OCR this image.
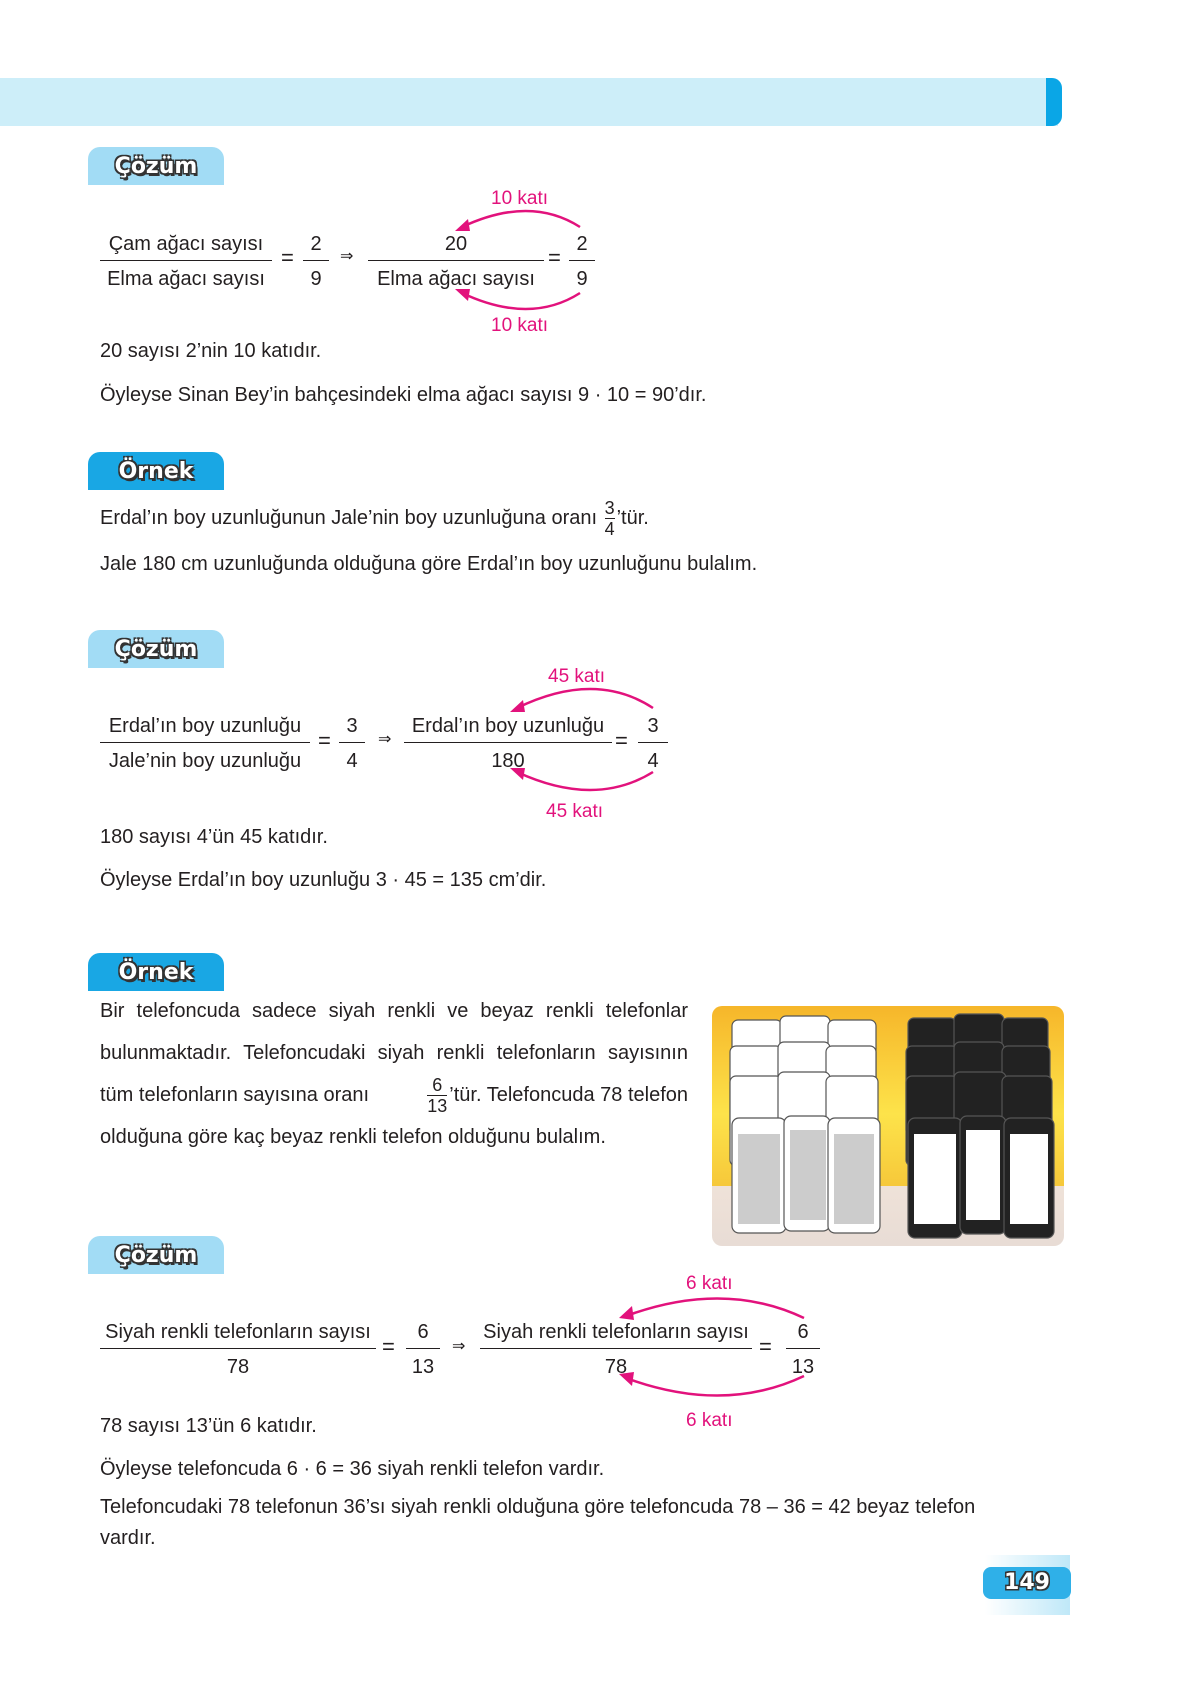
Çözüm
10 katı
Çam ağacı sayısı
Elma ağacı sayısı
=
2
9
⇒
20
Elma ağacı sayısı
=
2
9
10 katı
20 sayısı 2’nin 10 katıdır.
Öyleyse Sinan Bey’in bahçesindeki elma ağacı sayısı 9 · 10 = 90’dır.
Örnek
Erdal’ın boy uzunluğunun Jale’nin boy uzunluğuna oranı $\frac{3}{4}$ ’tür.
Jale 180 cm uzunluğunda olduğuna göre Erdal’ın boy uzunluğunu bulalım.
Çözüm
45 katı
Erdal’ın boy uzunluğu
Jale’nin boy uzunluğu
=
3
4
⇒
Erdal’ın boy uzunluğu
180
=
3
4
45 katı
180 sayısı 4’ün 45 katıdır.
Öyleyse Erdal’ın boy uzunluğu 3 · 45 = 135 cm’dir.
Örnek
Bir telefoncuda sadece siyah renkli ve beyaz renkli telefonlar
bulunmaktadır. Telefoncudaki siyah renkli telefonların sayısının
tüm telefonların sayısına oranı	$\frac{6}{13}$ ’tür. Telefoncuda 78 telefon
olduğuna göre kaç beyaz renkli telefon olduğunu bulalım.
Çözüm
6 katı
Siyah renkli telefonların sayısı
78
=
6
13
⇒
Siyah renkli telefonların sayısı
78
=
6
13
6 katı
78 sayısı 13’ün 6 katıdır.
Öyleyse telefoncuda 6 · 6 = 36 siyah renkli telefon vardır.
Telefoncudaki 78 telefonun 36’sı siyah renkli olduğuna göre telefoncuda 78 – 36 = 42 beyaz telefon
vardır.
149
